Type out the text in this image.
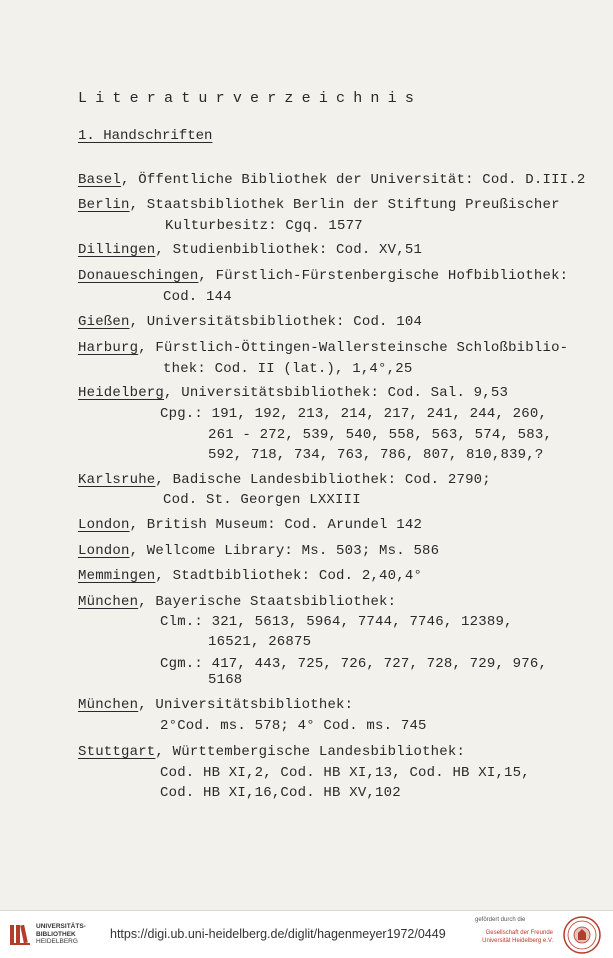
Literaturverzeichnis
1. Handschriften
Basel, Öffentliche Bibliothek der Universität: Cod. D.III.2
Berlin, Staatsbibliothek Berlin der Stiftung Preußischer
Kulturbesitz: Cgq. 1577
Dillingen, Studienbibliothek: Cod. XV,51
Donaueschingen, Fürstlich-Fürstenbergische Hofbibliothek:
Cod. 144
Gießen, Universitätsbibliothek: Cod. 104
Harburg, Fürstlich-Öttingen-Wallersteinsche Schloßbiblio-
thek: Cod. II (lat.), 1,4°,25
Heidelberg, Universitätsbibliothek: Cod. Sal. 9,53
Cpg.: 191, 192, 213, 214, 217, 241, 244, 260,
261 - 272, 539, 540, 558, 563, 574, 583,
592, 718, 734, 763, 786, 807, 810,839,?
Karlsruhe, Badische Landesbibliothek: Cod. 2790;
Cod. St. Georgen LXXIII
London, British Museum: Cod. Arundel 142
London, Wellcome Library: Ms. 503; Ms. 586
Memmingen, Stadtbibliothek: Cod. 2,40,4°
München, Bayerische Staatsbibliothek:
Clm.: 321, 5613, 5964, 7744, 7746, 12389,
16521, 26875
Cgm.: 417, 443, 725, 726, 727, 728, 729, 976,
5168
München, Universitätsbibliothek:
2°Cod. ms. 578; 4° Cod. ms. 745
Stuttgart, Württembergische Landesbibliothek:
Cod. HB XI,2, Cod. HB XI,13, Cod. HB XI,15,
Cod. HB XI,16,Cod. HB XV,102
UNIVERSITÄTS-
BIBLIOTHEK
HEIDELBERG
https://digi.ub.uni-heidelberg.de/diglit/hagenmeyer1972/0449
gefördert durch die
Gesellschaft der Freunde
Universität Heidelberg e.V.
